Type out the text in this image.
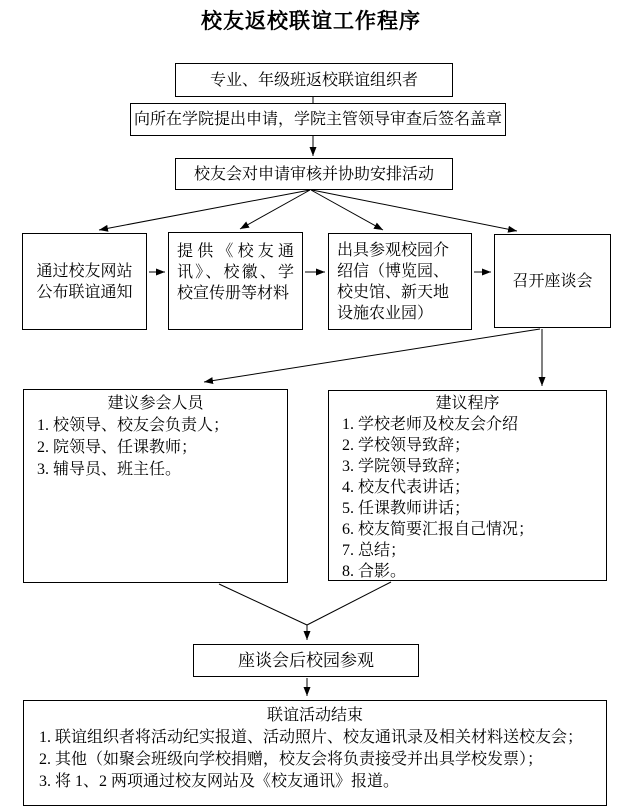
校友返校联谊工作程序
专业、年级班返校联谊组织者
向所在学院提出申请，学院主管领导审查后签名盖章
校友会对申请审核并协助安排活动
通过校友网站公布联谊通知
提供《校友通讯》、校徽、学校宣传册等材料
出具参观校园介绍信（博览园、校史馆、新天地设施农业园）
召开座谈会
建议参会人员
1. 校领导、校友会负责人；
2. 院领导、任课教师；
3. 辅导员、班主任。
建议程序
1. 学校老师及校友会介绍
2. 学校领导致辞；
3. 学院领导致辞；
4. 校友代表讲话；
5. 任课教师讲话；
6. 校友简要汇报自己情况；
7. 总结；
8. 合影。
座谈会后校园参观
联谊活动结束
1. 联谊组织者将活动纪实报道、活动照片、校友通讯录及相关材料送校友会；
2. 其他（如聚会班级向学校捐赠，校友会将负责接受并出具学校发票）；
3. 将 1、2 两项通过校友网站及《校友通讯》报道。
